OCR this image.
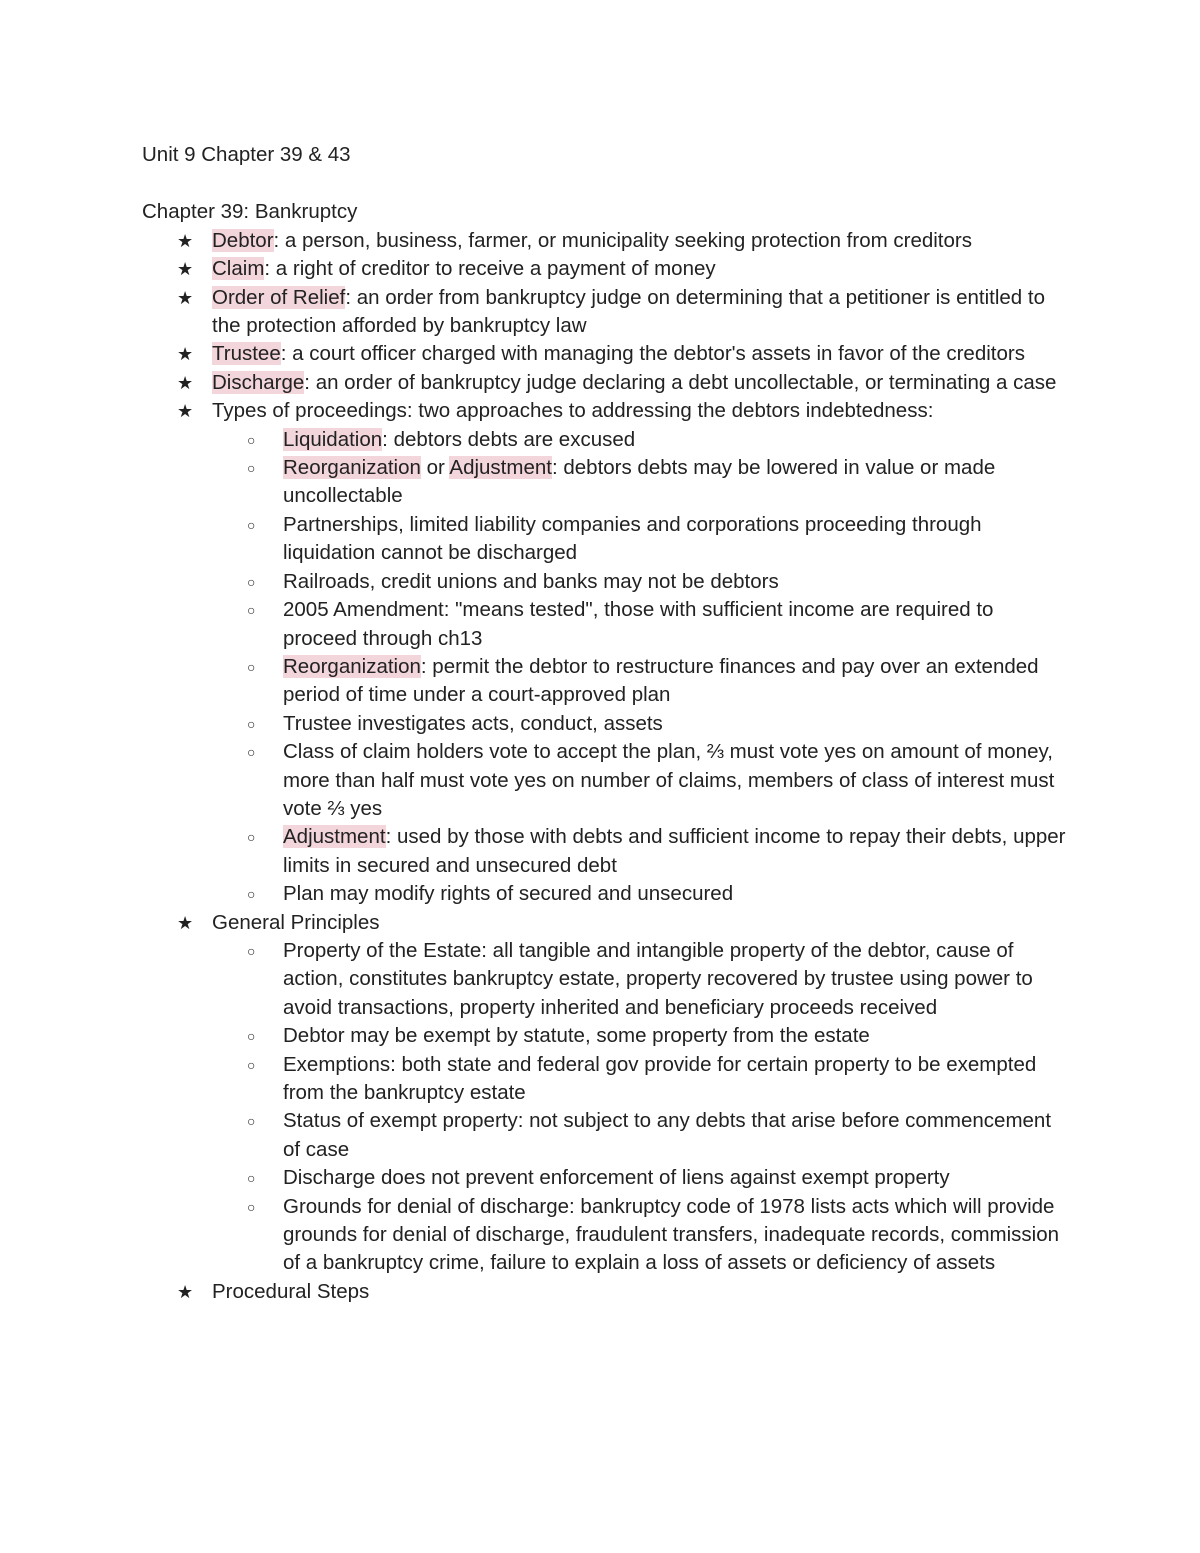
Unit 9 Chapter 39 & 43

Chapter 39: Bankruptcy

★ Debtor: a person, business, farmer, or municipality seeking protection from creditors
★ Claim: a right of creditor to receive a payment of money
★ Order of Relief: an order from bankruptcy judge on determining that a petitioner is entitled to the protection afforded by bankruptcy law
★ Trustee: a court officer charged with managing the debtor's assets in favor of the creditors
★ Discharge: an order of bankruptcy judge declaring a debt uncollectable, or terminating a case
★ Types of proceedings: two approaches to addressing the debtors indebtedness:
○ Liquidation: debtors debts are excused
○ Reorganization or Adjustment: debtors debts may be lowered in value or made uncollectable
○ Partnerships, limited liability companies and corporations proceeding through liquidation cannot be discharged
○ Railroads, credit unions and banks may not be debtors
○ 2005 Amendment: "means tested", those with sufficient income are required to proceed through ch13
○ Reorganization: permit the debtor to restructure finances and pay over an extended period of time under a court-approved plan
○ Trustee investigates acts, conduct, assets
○ Class of claim holders vote to accept the plan, ⅔ must vote yes on amount of money, more than half must vote yes on number of claims, members of class of interest must vote ⅔ yes
○ Adjustment: used by those with debts and sufficient income to repay their debts, upper limits in secured and unsecured debt
○ Plan may modify rights of secured and unsecured
★ General Principles
○ Property of the Estate: all tangible and intangible property of the debtor, cause of action, constitutes bankruptcy estate, property recovered by trustee using power to avoid transactions, property inherited and beneficiary proceeds received
○ Debtor may be exempt by statute, some property from the estate
○ Exemptions: both state and federal gov provide for certain property to be exempted from the bankruptcy estate
○ Status of exempt property: not subject to any debts that arise before commencement of case
○ Discharge does not prevent enforcement of liens against exempt property
○ Grounds for denial of discharge: bankruptcy code of 1978 lists acts which will provide grounds for denial of discharge, fraudulent transfers, inadequate records, commission of a bankruptcy crime, failure to explain a loss of assets or deficiency of assets
★ Procedural Steps
